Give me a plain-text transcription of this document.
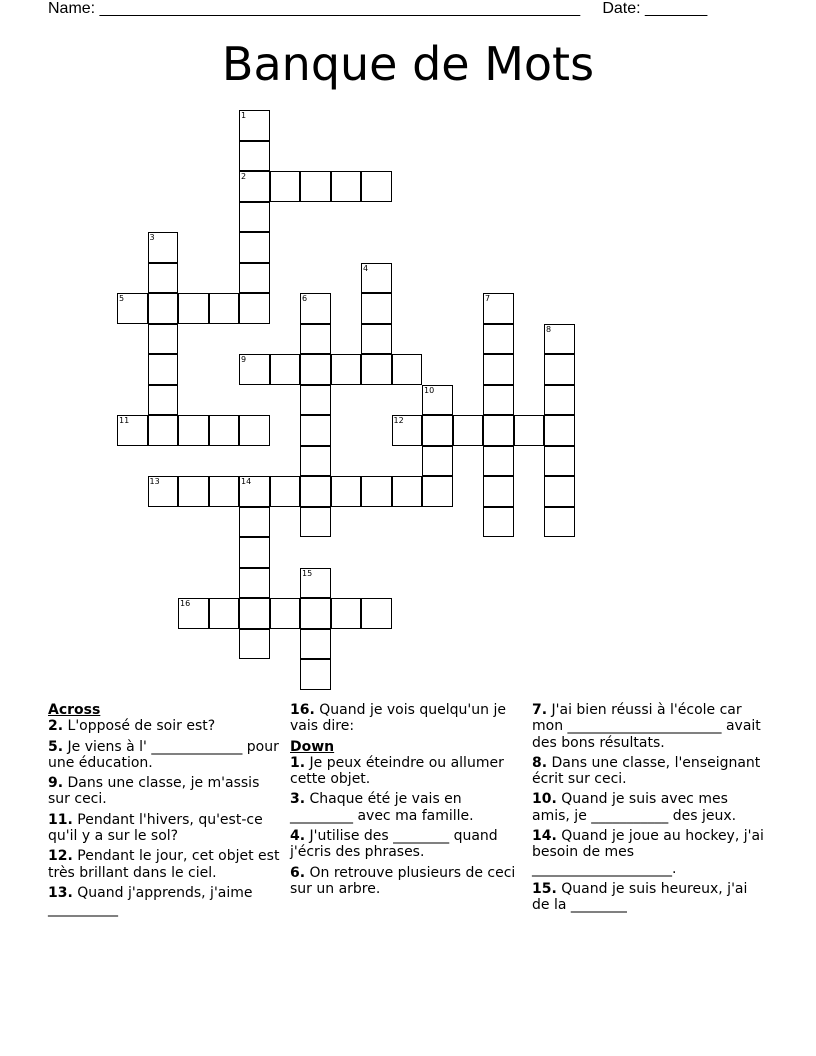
Name: ______________________________________________________     Date: _______
Banque de Mots
1
2
3
4
5	6	7
8
9
10
11	12
13	14
15
16

Across

2. L'opposé de soir est?
5. Je viens à l' _____________ pour une éducation.
9. Dans une classe, je m'assis sur ceci.
11. Pendant l'hivers, qu'est-ce qu'il y a sur le sol?
12. Pendant le jour, cet objet est très brillant dans le ciel.
13. Quand j'apprends, j'aime __________
16. Quand je vois quelqu'un je vais dire:

Down

1. Je peux éteindre ou allumer cette objet.
3. Chaque été je vais en _________ avec ma famille.
4. J'utilise des ________ quand j'écris des phrases.
6. On retrouve plusieurs de ceci sur un arbre.
7. J'ai bien réussi à l'école car mon ______________________ avait des bons résultats.
8. Dans une classe, l'enseignant écrit sur ceci.
10. Quand je suis avec mes amis, je ___________ des jeux.
14. Quand je joue au hockey, j'ai besoin de mes ____________________.
15. Quand je suis heureux, j'ai de la ________
